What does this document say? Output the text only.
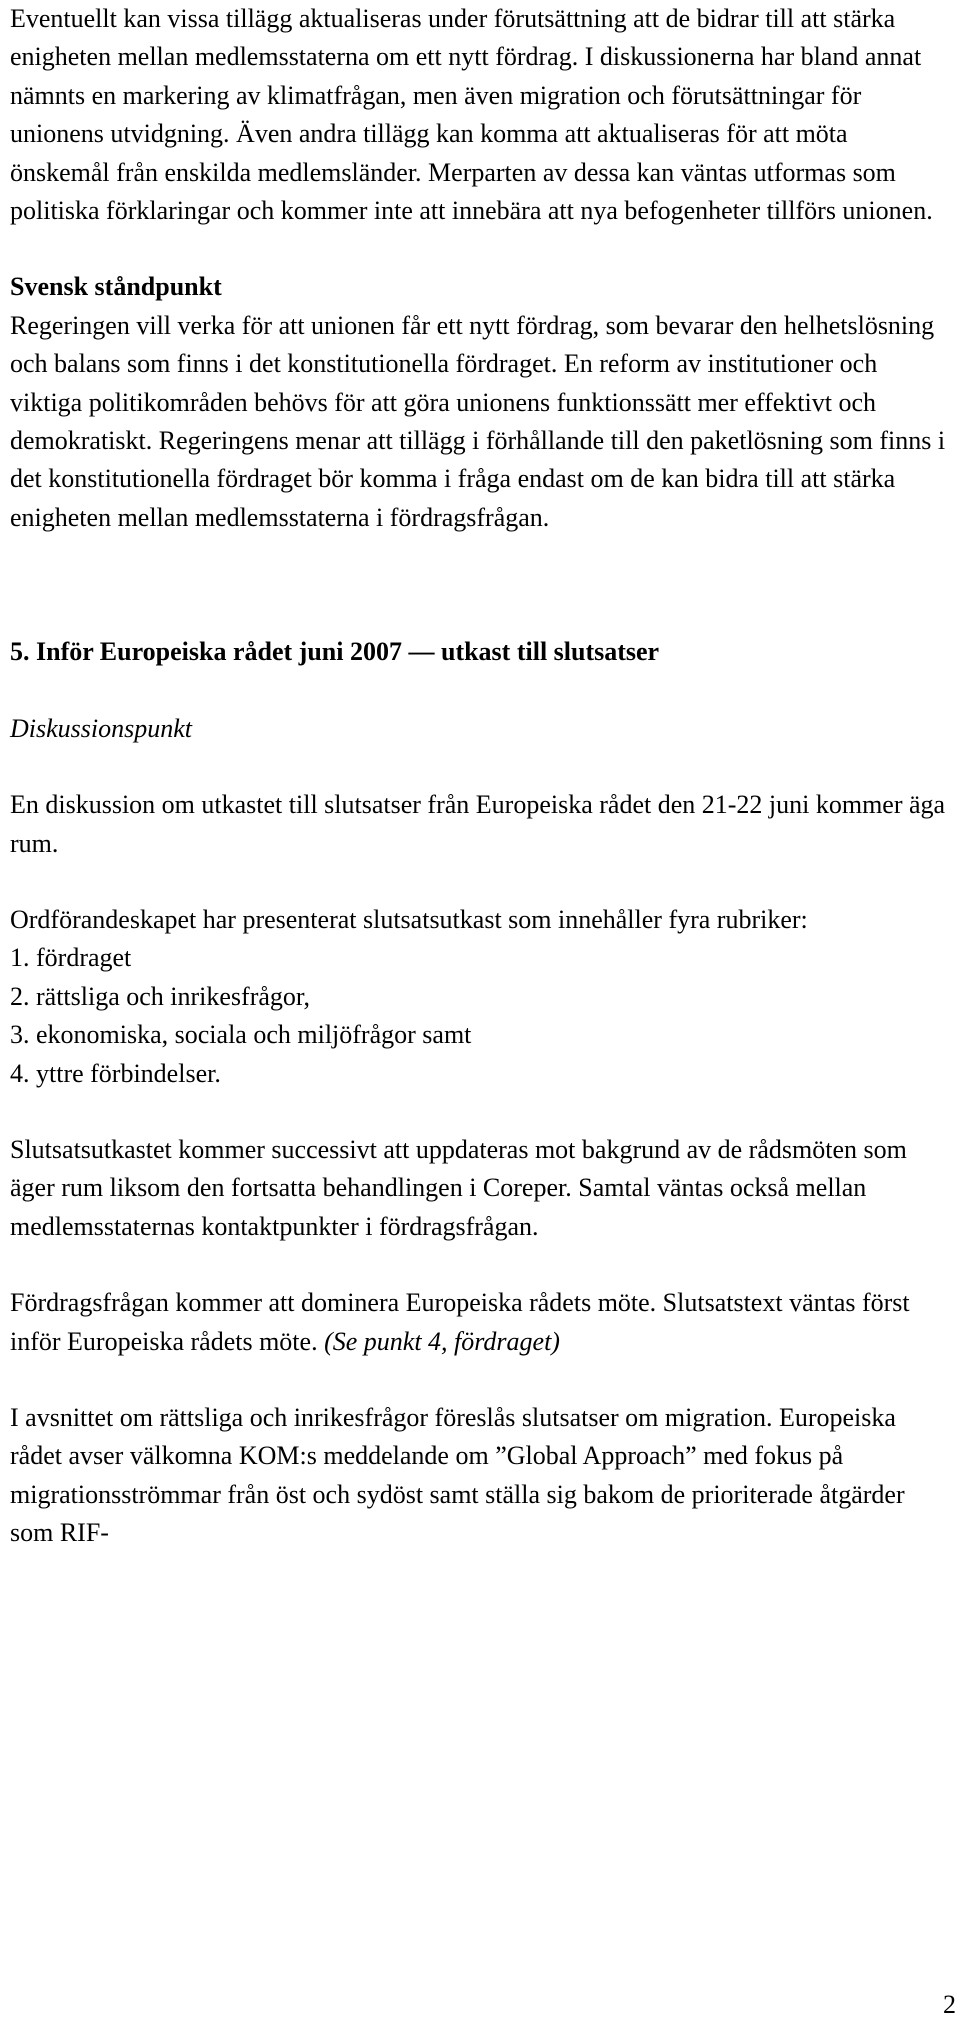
Eventuellt kan vissa tillägg aktualiseras under förutsättning att de bidrar till att stärka enigheten mellan medlemsstaterna om ett nytt fördrag. I diskussionerna har bland annat nämnts en markering av klimatfrågan, men även migration och förutsättningar för unionens utvidgning. Även andra tillägg kan komma att aktualiseras för att möta önskemål från enskilda medlemsländer. Merparten av dessa kan väntas utformas som politiska förklaringar och kommer inte att innebära att nya befogenheter tillförs unionen.

Svensk ståndpunkt

Regeringen vill verka för att unionen får ett nytt fördrag, som bevarar den helhetslösning och balans som finns i det konstitutionella fördraget. En reform av institutioner och viktiga politikområden behövs för att göra unionens funktionssätt mer effektivt och demokratiskt. Regeringens menar att tillägg i förhållande till den paketlösning som finns i det konstitutionella fördraget bör komma i fråga endast om de kan bidra till att stärka enigheten mellan medlemsstaterna i fördragsfrågan.

5. Inför Europeiska rådet juni 2007 — utkast till slutsatser

Diskussionspunkt

En diskussion om utkastet till slutsatser från Europeiska rådet den 21-22 juni kommer äga rum.

Ordförandeskapet har presenterat slutsatsutkast som innehåller fyra rubriker:

1. fördraget
2. rättsliga och inrikesfrågor,
3. ekonomiska, sociala och miljöfrågor samt
4. yttre förbindelser.

Slutsatsutkastet kommer successivt att uppdateras mot bakgrund av de rådsmöten som äger rum liksom den fortsatta behandlingen i Coreper. Samtal väntas också mellan medlemsstaternas kontaktpunkter i fördragsfrågan.

Fördragsfrågan kommer att dominera Europeiska rådets möte. Slutsatstext väntas först inför Europeiska rådets möte. (Se punkt 4, fördraget)

I avsnittet om rättsliga och inrikesfrågor föreslås slutsatser om migration. Europeiska rådet avser välkomna KOM:s meddelande om ”Global Approach” med fokus på migrationsströmmar från öst och sydöst samt ställa sig bakom de prioriterade åtgärder som RIF-

2
